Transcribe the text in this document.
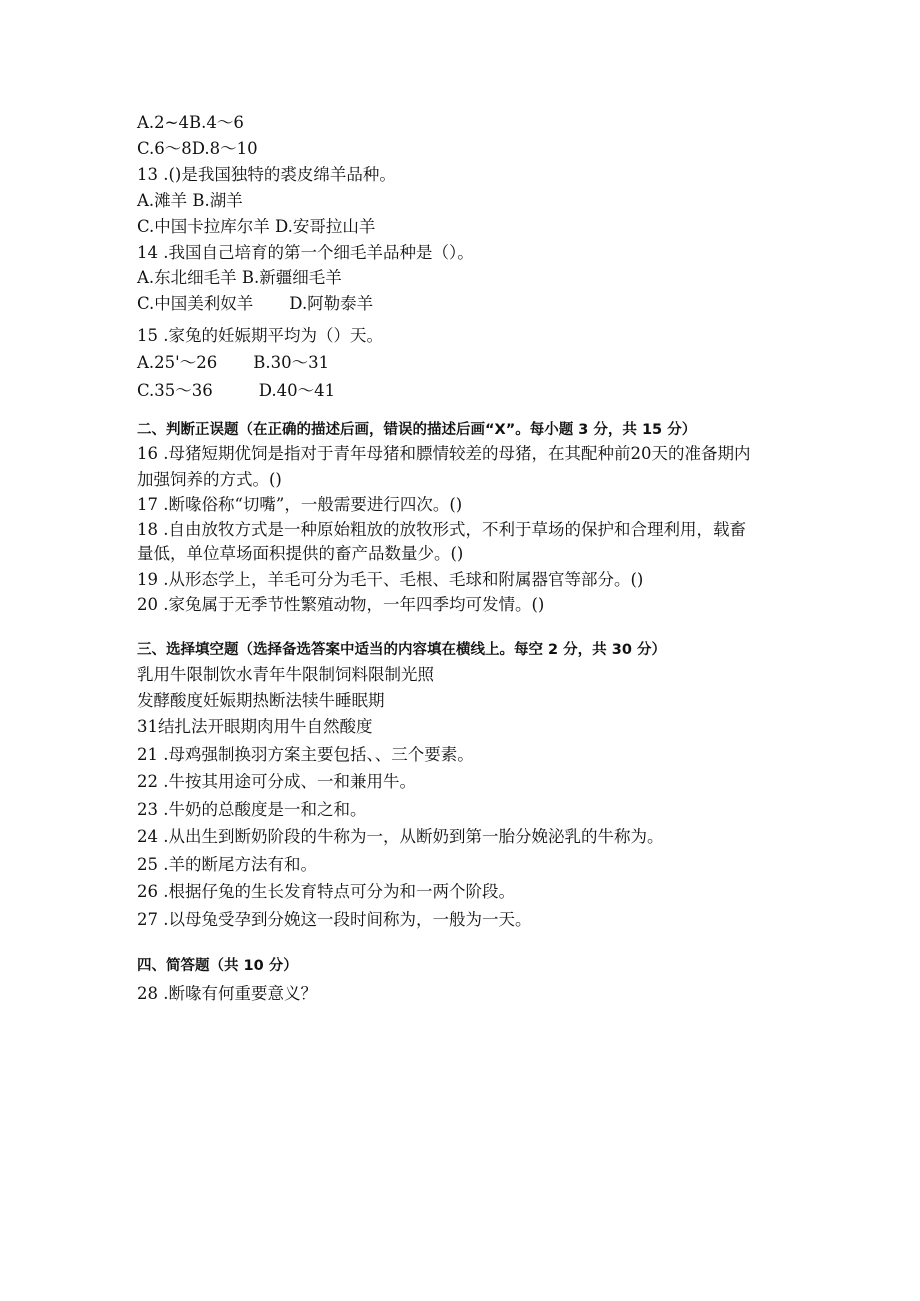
A.2~4B.4～6
C.6～8D.8～10
13 .()是我国独特的裘皮绵羊品种。
A.滩羊 B.湖羊
C.中国卡拉库尔羊 D.安哥拉山羊
14 .我国自己培育的第一个细毛羊品种是（）。
A.东北细毛羊 B.新疆细毛羊
C.中国美利奴羊 D.阿勒泰羊
15 .家兔的妊娠期平均为（）天。
A.25'～26 B.30～31
C.35～36	D.40～41
二、判断正误题（在正确的描述后画，错误的描述后画“X”。每小题 3 分，共 15 分）
16 .母猪短期优饲是指对于青年母猪和膘情较差的母猪，在其配种前20天的准备期内
加强饲养的方式。()
17 .断喙俗称“切嘴”，一般需要进行四次。()
18 .自由放牧方式是一种原始粗放的放牧形式，不利于草场的保护和合理利用，载畜
量低，单位草场面积提供的畜产品数量少。()
19 .从形态学上，羊毛可分为毛干、毛根、毛球和附属器官等部分。()
20 .家兔属于无季节性繁殖动物，一年四季均可发情。()
三、选择填空题（选择备选答案中适当的内容填在横线上。每空 2 分，共 30 分）
乳用牛限制饮水青年牛限制饲料限制光照
发酵酸度妊娠期热断法犊牛睡眠期
31结扎法开眼期肉用牛自然酸度
21 .母鸡强制换羽方案主要包括、、三个要素。
22 .牛按其用途可分成、一和兼用牛。
23 .牛奶的总酸度是一和之和。
24 .从出生到断奶阶段的牛称为一，从断奶到第一胎分娩泌乳的牛称为。
25 .羊的断尾方法有和。
26 .根据仔兔的生长发育特点可分为和一两个阶段。
27 .以母兔受孕到分娩这一段时间称为，一般为一天。
四、简答题（共 10 分）
28 .断喙有何重要意义？
